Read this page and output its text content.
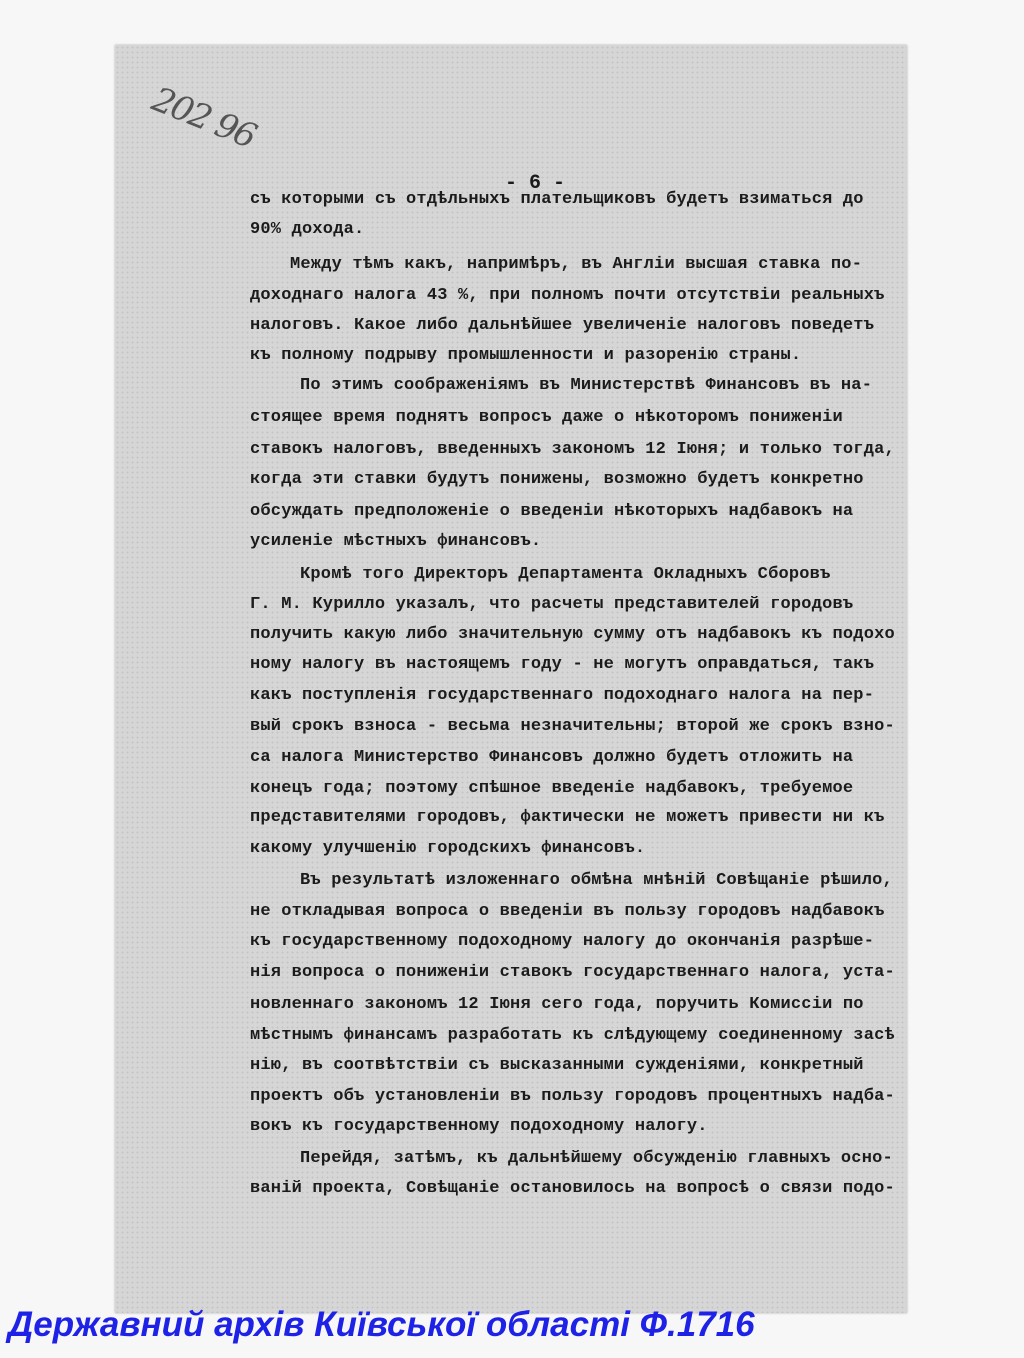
202 96
- 6 -
съ которыми съ отдѣльныхъ плательщиковъ будетъ взиматься до
90% дохода.
Между тѣмъ какъ, напримѣръ, въ Англіи высшая ставка по-
доходнаго налога 43 %, при полномъ почти отсутствіи реальныхъ
налоговъ. Какое либо дальнѣйшее увеличеніе налоговъ поведетъ
къ полному подрыву промышленности и разоренію страны.
По этимъ соображеніямъ въ Министерствѣ Финансовъ въ на-
стоящее время поднятъ вопросъ даже о нѣкоторомъ пониженіи
ставокъ налоговъ, введенныхъ закономъ 12 Іюня; и только тогда,
когда эти ставки будутъ понижены, возможно будетъ конкретно
обсуждать предположеніе о введеніи нѣкоторыхъ надбавокъ на
усиленіе мѣстныхъ финансовъ.
Кромѣ того Директоръ Департамента Окладныхъ Сборовъ
Г. М. Курилло указалъ, что расчеты представителей городовъ
получить какую либо значительную сумму отъ надбавокъ къ подохо
ному налогу въ настоящемъ году - не могутъ оправдаться, такъ
какъ поступленія государственнаго подоходнаго налога на пер-
вый срокъ взноса - весьма незначительны; второй же срокъ взно-
са налога Министерство Финансовъ должно будетъ отложить на
конецъ года; поэтому спѣшное введеніе надбавокъ, требуемое
представителями городовъ, фактически не можетъ привести ни къ
какому улучшенію городскихъ финансовъ.
Въ результатѣ изложеннаго обмѣна мнѣній Совѣщаніе рѣшило,
не откладывая вопроса о введеніи въ пользу городовъ надбавокъ
къ государственному подоходному налогу до окончанія разрѣше-
нія вопроса о пониженіи ставокъ государственнаго налога, уста-
новленнаго закономъ 12 Іюня сего года, поручить Комиссіи по
мѣстнымъ финансамъ разработать къ слѣдующему соединенному засѣ
нію, въ соотвѣтствіи съ высказанными сужденіями, конкретный
проектъ объ установленіи въ пользу городовъ процентныхъ надба-
вокъ къ государственному подоходному налогу.
Перейдя, затѣмъ, къ дальнѣйшему обсужденію главныхъ осно-
ваній проекта, Совѣщаніе остановилось на вопросѣ о связи подо-
Державний архів Київської області Ф.1716
